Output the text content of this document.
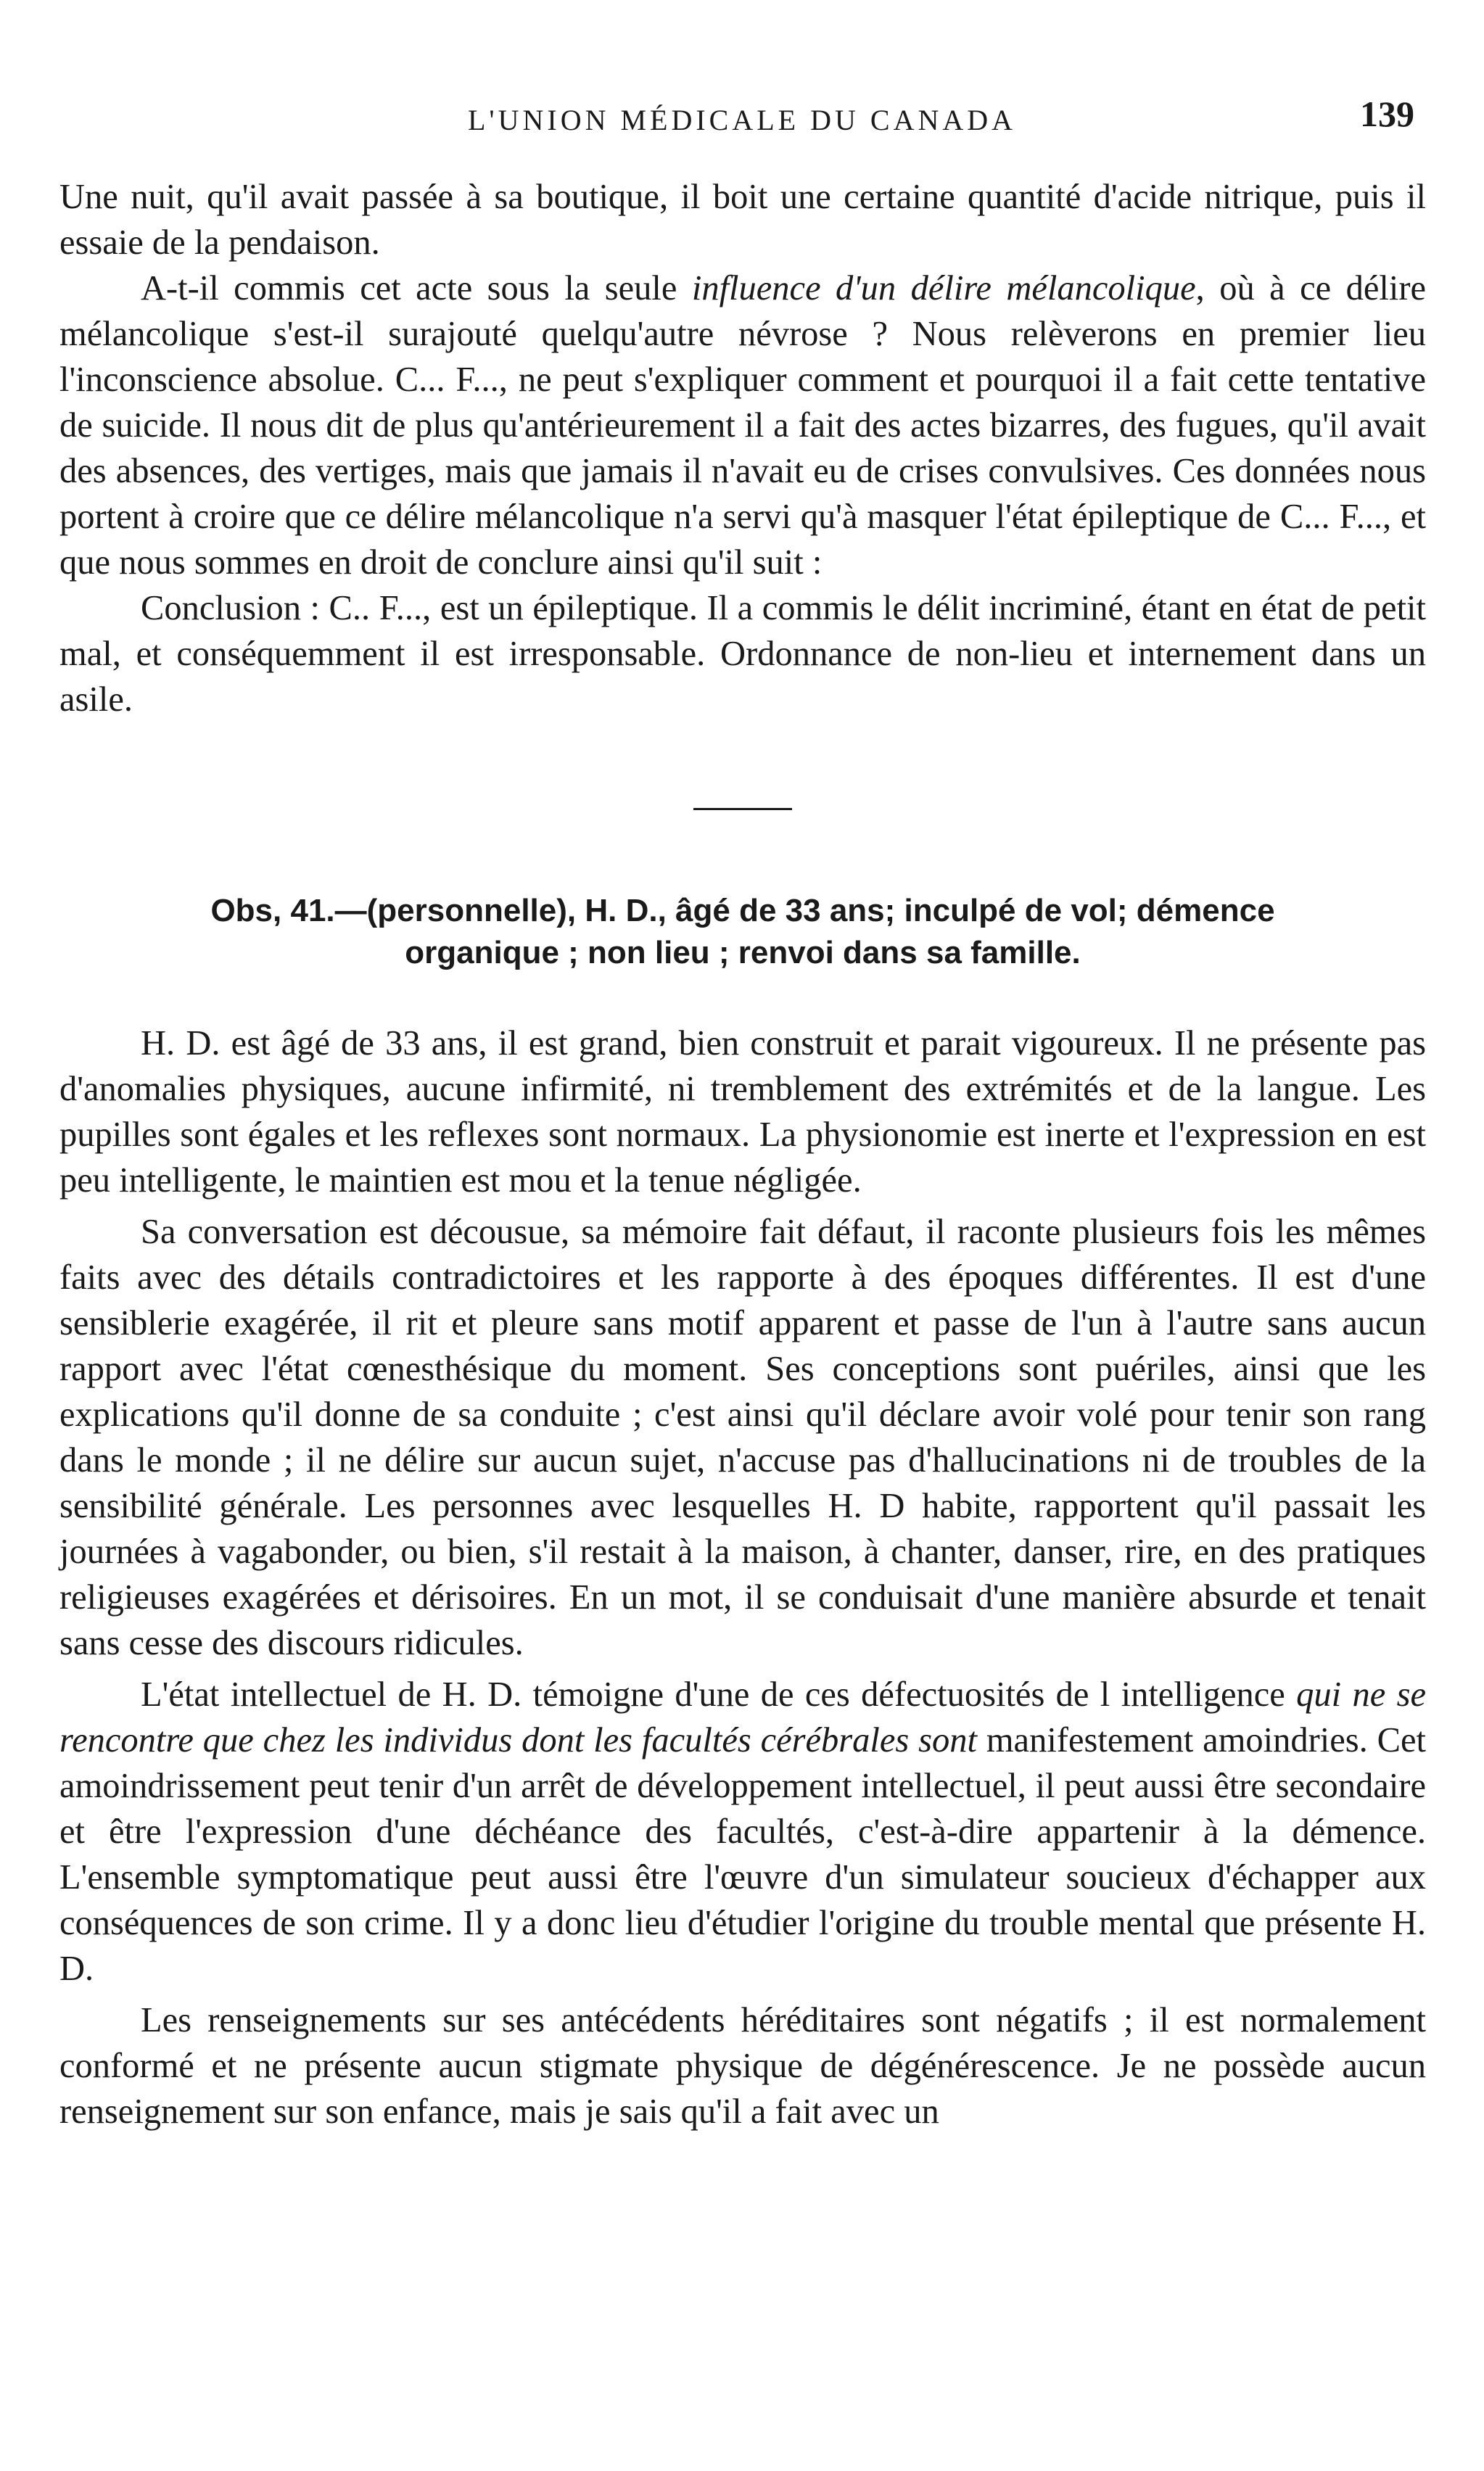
L'UNION MÉDICALE DU CANADA	139

Une nuit, qu'il avait passée à sa boutique, il boit une certaine quantité d'acide nitrique, puis il essaie de la pendaison.

A-t-il commis cet acte sous la seule influence d'un délire mélancolique, où à ce délire mélancolique s'est-il surajouté quelqu'autre névrose ? Nous relèverons en premier lieu l'inconscience absolue. C... F..., ne peut s'expliquer comment et pourquoi il a fait cette tentative de suicide. Il nous dit de plus qu'antérieurement il a fait des actes bizarres, des fugues, qu'il avait des absences, des vertiges, mais que jamais il n'avait eu de crises convulsives. Ces données nous portent à croire que ce délire mélancolique n'a servi qu'à masquer l'état épileptique de C... F..., et que nous sommes en droit de conclure ainsi qu'il suit :

Conclusion : C.. F..., est un épileptique. Il a commis le délit incriminé, étant en état de petit mal, et conséquemment il est irresponsable. Ordonnance de non-lieu et internement dans un asile.

Obs, 41.—(personnelle), H. D., âgé de 33 ans; inculpé de vol; démence
organique ; non lieu ; renvoi dans sa famille.

H. D. est âgé de 33 ans, il est grand, bien construit et parait vigoureux. Il ne présente pas d'anomalies physiques, aucune infirmité, ni tremblement des extrémités et de la langue. Les pupilles sont égales et les reflexes sont normaux. La physionomie est inerte et l'expression en est peu intelligente, le maintien est mou et la tenue négligée.

Sa conversation est décousue, sa mémoire fait défaut, il raconte plusieurs fois les mêmes faits avec des détails contradictoires et les rapporte à des époques différentes. Il est d'une sensiblerie exagérée, il rit et pleure sans motif apparent et passe de l'un à l'autre sans aucun rapport avec l'état cœnesthésique du moment. Ses conceptions sont puériles, ainsi que les explications qu'il donne de sa conduite ; c'est ainsi qu'il déclare avoir volé pour tenir son rang dans le monde ; il ne délire sur aucun sujet, n'accuse pas d'hallucinations ni de troubles de la sensibilité générale. Les personnes avec lesquelles H. D habite, rapportent qu'il passait les journées à vagabonder, ou bien, s'il restait à la maison, à chanter, danser, rire, en des pratiques religieuses exagérées et dérisoires. En un mot, il se conduisait d'une manière absurde et tenait sans cesse des discours ridicules.

L'état intellectuel de H. D. témoigne d'une de ces défectuosités de l intelligence qui ne se rencontre que chez les individus dont les facultés cérébrales sont manifestement amoindries. Cet amoindrissement peut tenir d'un arrêt de développement intellectuel, il peut aussi être secondaire et être l'expression d'une déchéance des facultés, c'est-à-dire appartenir à la démence. L'ensemble symptomatique peut aussi être l'œuvre d'un simulateur soucieux d'échapper aux conséquences de son crime. Il y a donc lieu d'étudier l'origine du trouble mental que présente H. D.

Les renseignements sur ses antécédents héréditaires sont négatifs ; il est normalement conformé et ne présente aucun stigmate physique de dégénérescence. Je ne possède aucun renseignement sur son enfance, mais je sais qu'il a fait avec un
